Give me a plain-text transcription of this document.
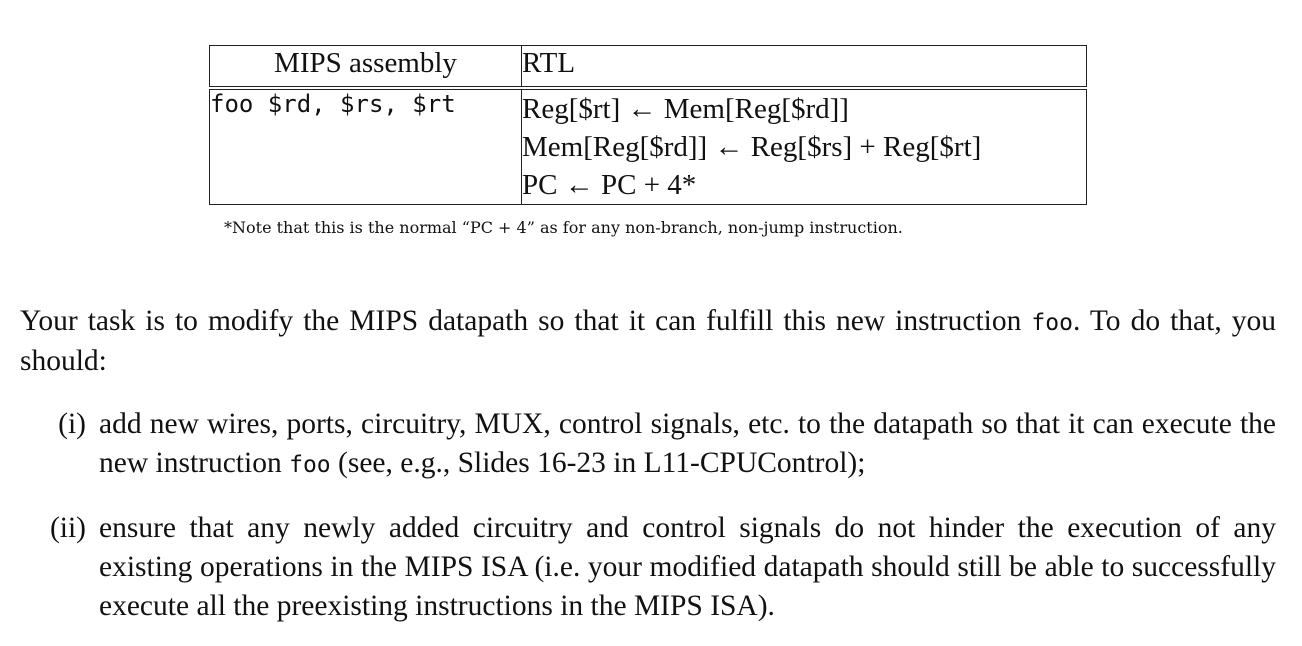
MIPS assembly	RTL
foo $rd, $rs, $rt	Reg[$rt] ← Mem[Reg[$rd]]
Mem[Reg[$rd]] ← Reg[$rs] + Reg[$rt]
PC ← PC + 4*
*Note that this is the normal “PC + 4” as for any non-branch, non-jump instruction.

Your task is to modify the MIPS datapath so that it can fulfill this new instruction foo. To do that, you should:

(i) add new wires, ports, circuitry, MUX, control signals, etc. to the datapath so that it can execute the new instruction foo (see, e.g., Slides 16-23 in L11-CPUControl);
(ii) ensure that any newly added circuitry and control signals do not hinder the execution of any existing operations in the MIPS ISA (i.e. your modified datapath should still be able to successfully execute all the preexisting instructions in the MIPS ISA).
